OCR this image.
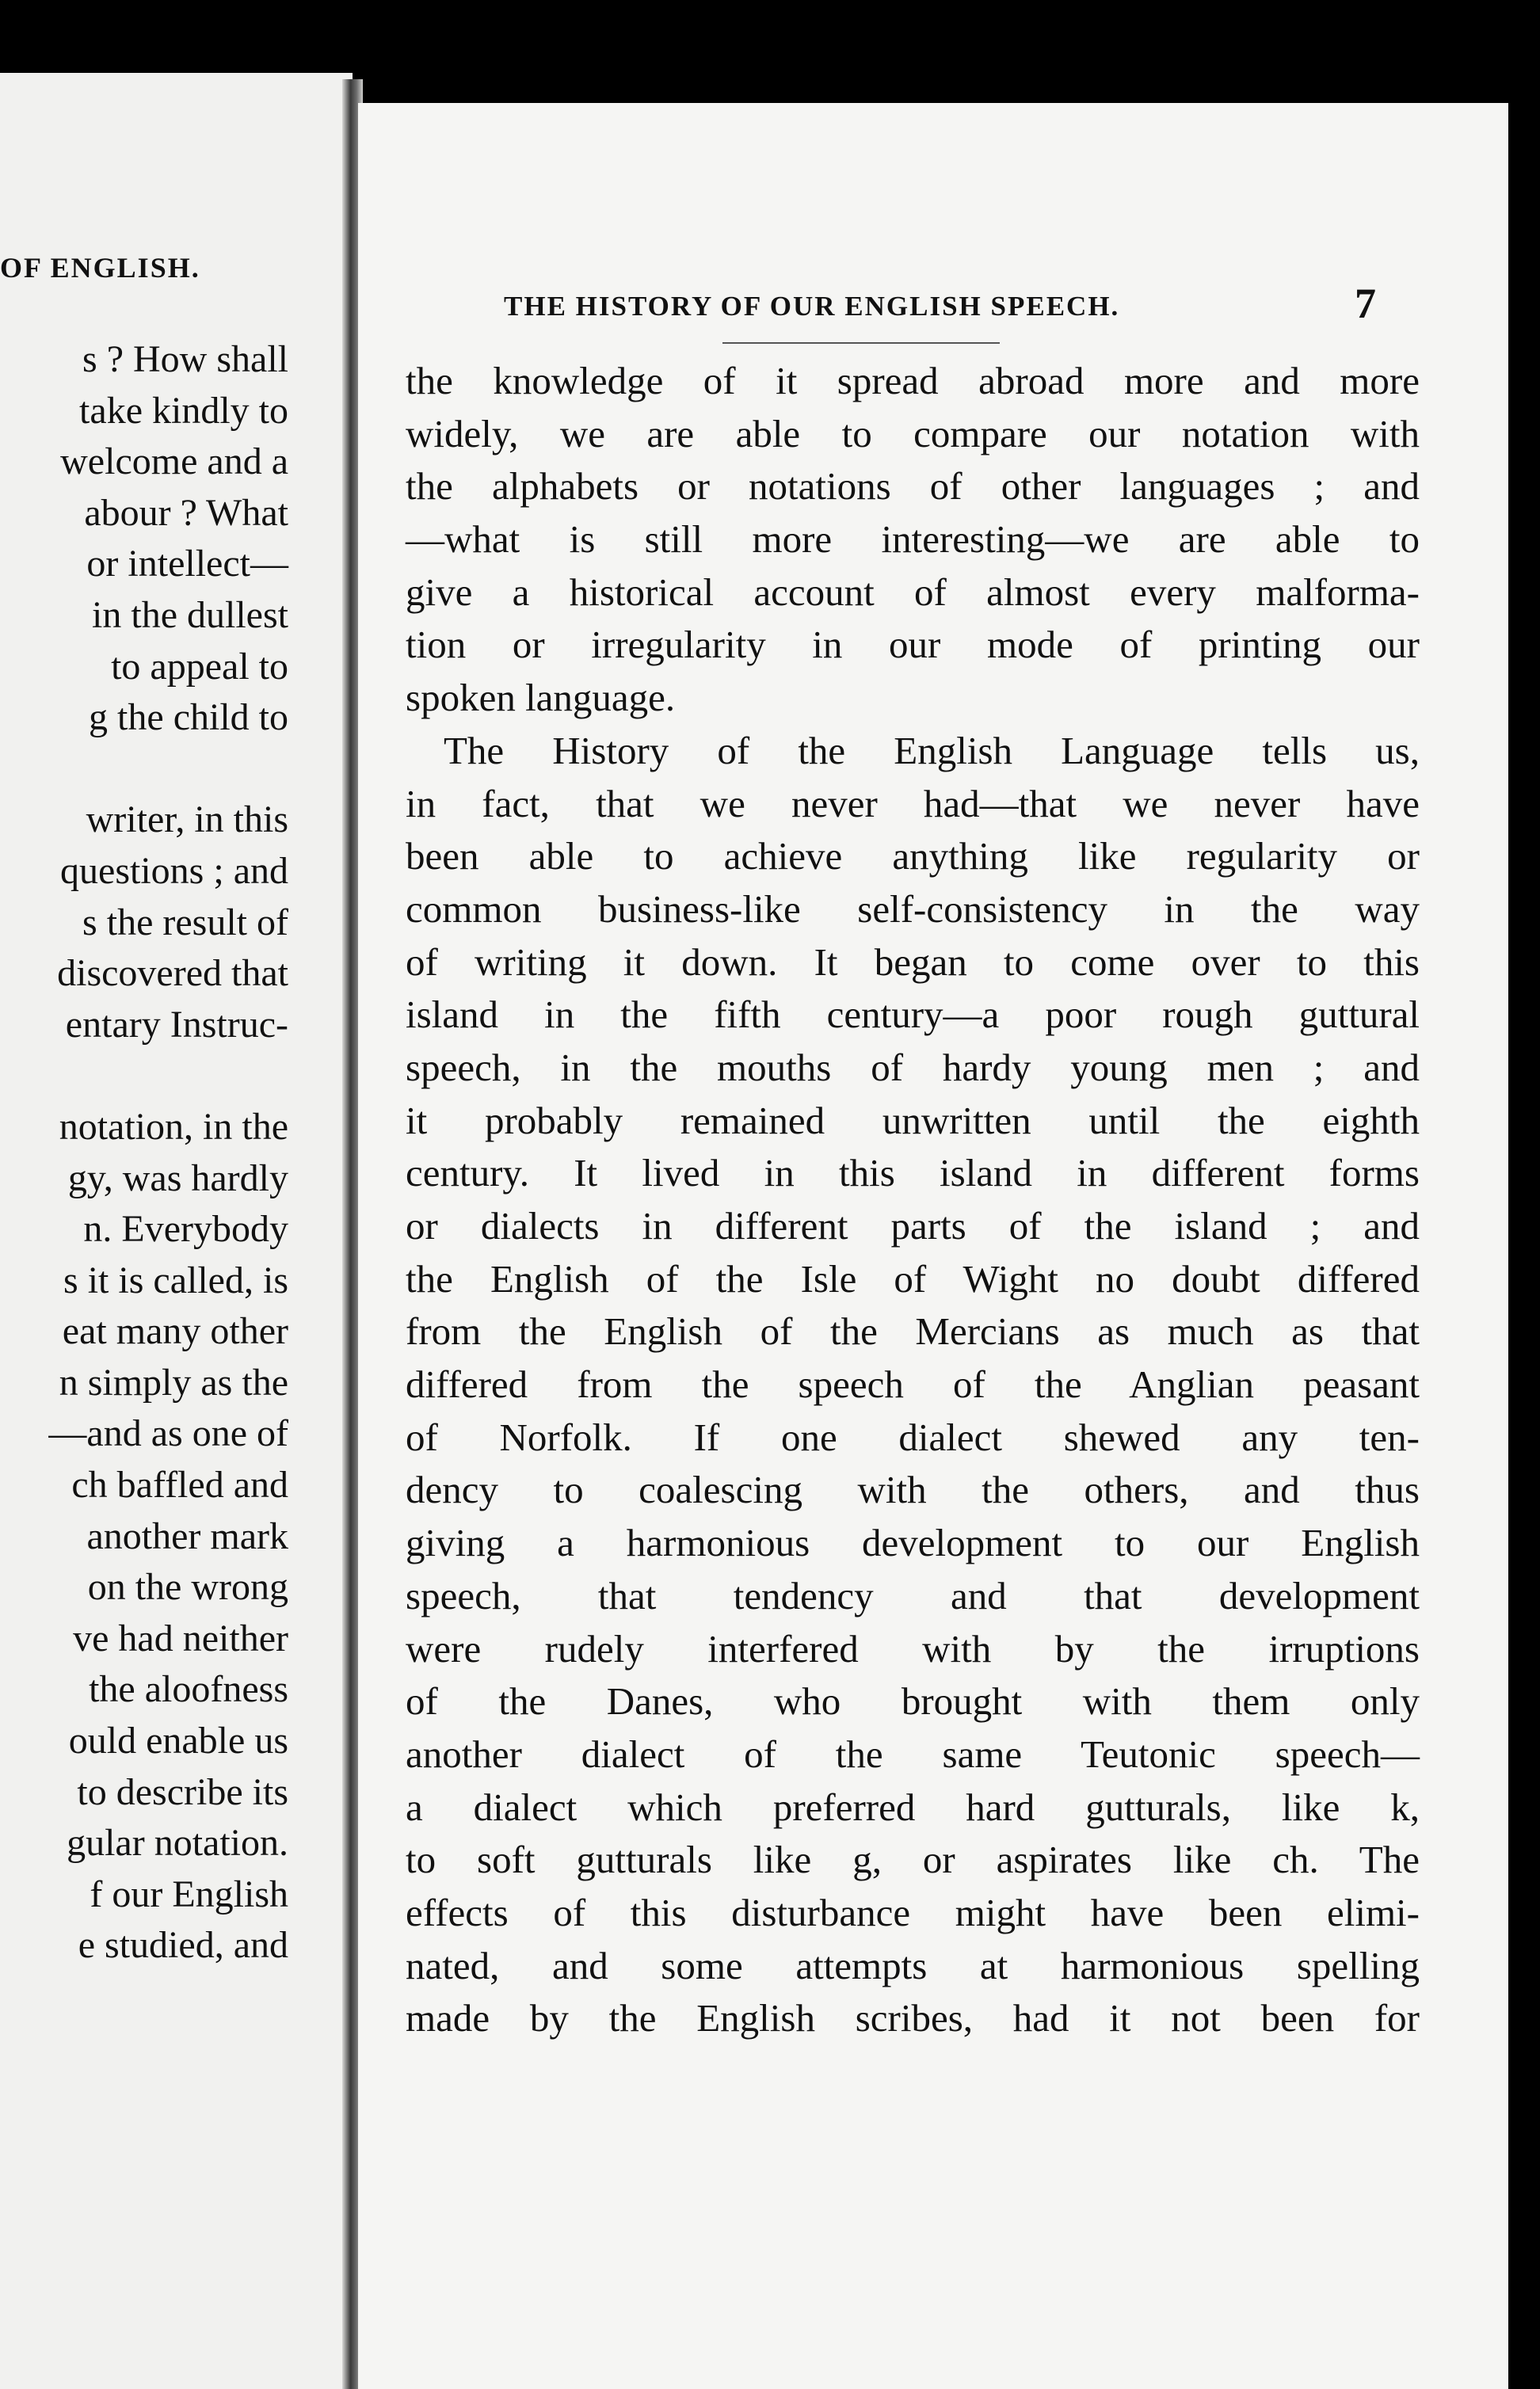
OF ENGLISH.
s ? How shall
take kindly to
welcome and a
abour ? What
or intellect—
in the dullest
to appeal to
g the child to
writer, in this
questions ; and
s the result of
discovered that
entary Instruc-
notation, in the
gy, was hardly
n. Everybody
s it is called, is
eat many other
n simply as the
—and as one of
ch baffled and
another mark
on the wrong
ve had neither
the aloofness
ould enable us
to describe its
gular notation.
f our English
e studied, and
THE HISTORY OF OUR ENGLISH SPEECH.	7
the knowledge of it spread abroad more and more
widely, we are able to compare our notation with
the alphabets or notations of other languages ; and
—what is still more interesting—we are able to
give a historical account of almost every malforma-
tion or irregularity in our mode of printing our
spoken language.
The History of the English Language tells us,
in fact, that we never had—that we never have
been able to achieve anything like regularity or
common business-like self-consistency in the way
of writing it down. It began to come over to this
island in the fifth century—a poor rough guttural
speech, in the mouths of hardy young men ; and
it probably remained unwritten until the eighth
century. It lived in this island in different forms
or dialects in different parts of the island ; and
the English of the Isle of Wight no doubt differed
from the English of the Mercians as much as that
differed from the speech of the Anglian peasant
of Norfolk. If one dialect shewed any ten-
dency to coalescing with the others, and thus
giving a harmonious development to our English
speech, that tendency and that development
were rudely interfered with by the irruptions
of the Danes, who brought with them only
another dialect of the same Teutonic speech—
a dialect which preferred hard gutturals, like k,
to soft gutturals like g, or aspirates like ch. The
effects of this disturbance might have been elimi-
nated, and some attempts at harmonious spelling
made by the English scribes, had it not been for
